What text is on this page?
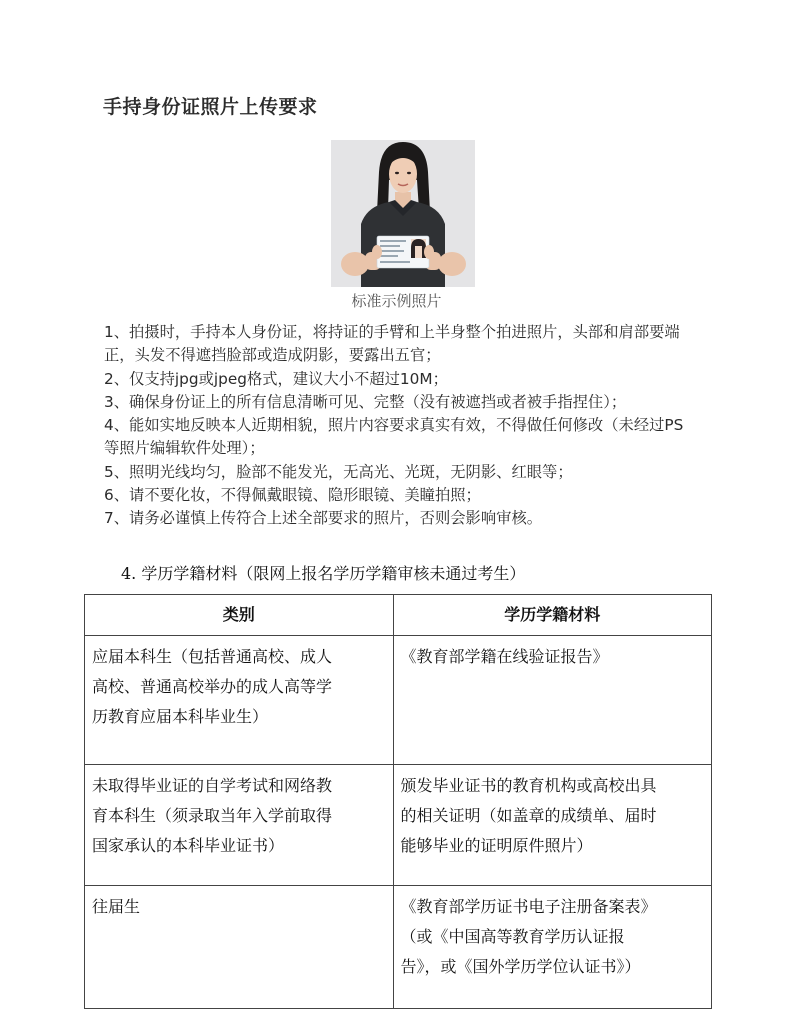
手持身份证照片上传要求
标准示例照片

1、拍摄时，手持本人身份证，将持证的手臂和上半身整个拍进照片，头部和肩部要端

正，头发不得遮挡脸部或造成阴影，要露出五官；

2、仅支持jpg或jpeg格式，建议大小不超过10M；

3、确保身份证上的所有信息清晰可见、完整（没有被遮挡或者被手指捏住）；

4、能如实地反映本人近期相貌，照片内容要求真实有效，不得做任何修改（未经过PS

等照片编辑软件处理）；

5、照明光线均匀，脸部不能发光，无高光、光斑，无阴影、红眼等；

6、请不要化妆，不得佩戴眼镜、隐形眼镜、美瞳拍照；

7、请务必谨慎上传符合上述全部要求的照片，否则会影响审核。

4. 学历学籍材料（限网上报名学历学籍审核未通过考生）
类别	学历学籍材料

应届本科生（包括普通高校、成人
高校、普通高校举办的成人高等学
历教育应届本科毕业生）	《教育部学籍在线验证报告》

未取得毕业证的自学考试和网络教
育本科生（须录取当年入学前取得
国家承认的本科毕业证书）	颁发毕业证书的教育机构或高校出具
的相关证明（如盖章的成绩单、届时
能够毕业的证明原件照片）

往届生	《教育部学历证书电子注册备案表》
（或《中国高等教育学历认证报
告》，或《国外学历学位认证书》）
